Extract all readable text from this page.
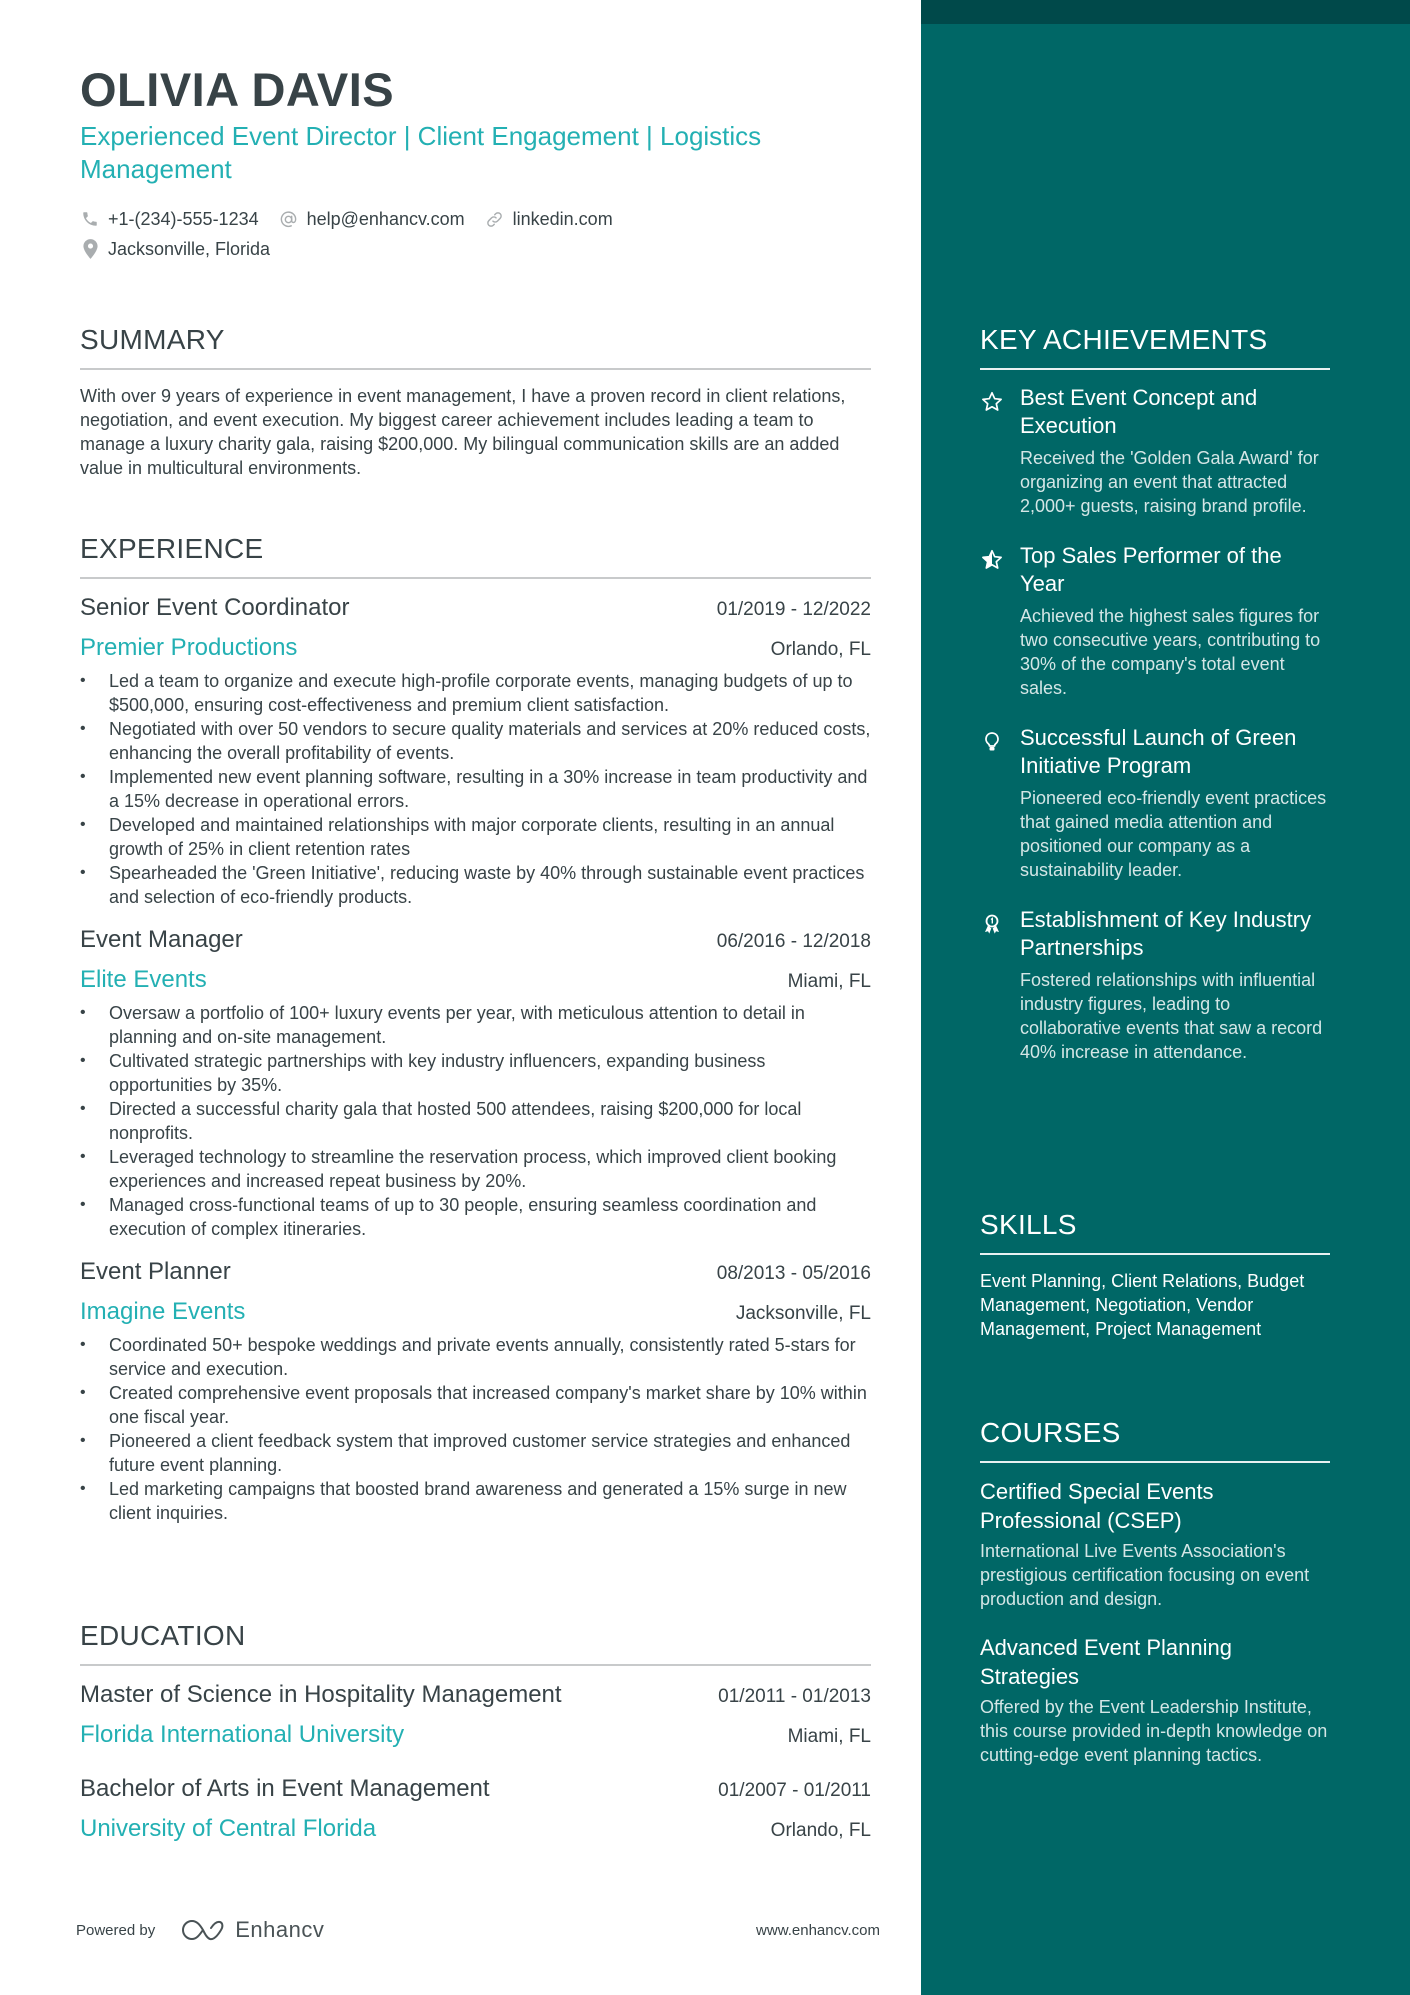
OLIVIA DAVIS
Experienced Event Director | Client Engagement | Logistics Management
+1-(234)-555-1234	help@enhancv.com	linkedin.com
Jacksonville, Florida
SUMMARY
With over 9 years of experience in event management, I have a proven record in client relations, negotiation, and event execution. My biggest career achievement includes leading a team to manage a luxury charity gala, raising $200,000. My bilingual communication skills are an added value in multicultural environments.
EXPERIENCE
Senior Event Coordinator	01/2019 - 12/2022
Premier Productions	Orlando, FL
• Led a team to organize and execute high-profile corporate events, managing budgets of up to $500,000, ensuring cost-effectiveness and premium client satisfaction.
• Negotiated with over 50 vendors to secure quality materials and services at 20% reduced costs, enhancing the overall profitability of events.
• Implemented new event planning software, resulting in a 30% increase in team productivity and a 15% decrease in operational errors.
• Developed and maintained relationships with major corporate clients, resulting in an annual growth of 25% in client retention rates
• Spearheaded the 'Green Initiative', reducing waste by 40% through sustainable event practices and selection of eco-friendly products.
Event Manager	06/2016 - 12/2018
Elite Events	Miami, FL
• Oversaw a portfolio of 100+ luxury events per year, with meticulous attention to detail in planning and on-site management.
• Cultivated strategic partnerships with key industry influencers, expanding business opportunities by 35%.
• Directed a successful charity gala that hosted 500 attendees, raising $200,000 for local nonprofits.
• Leveraged technology to streamline the reservation process, which improved client booking experiences and increased repeat business by 20%.
• Managed cross-functional teams of up to 30 people, ensuring seamless coordination and execution of complex itineraries.
Event Planner	08/2013 - 05/2016
Imagine Events	Jacksonville, FL
• Coordinated 50+ bespoke weddings and private events annually, consistently rated 5-stars for service and execution.
• Created comprehensive event proposals that increased company's market share by 10% within one fiscal year.
• Pioneered a client feedback system that improved customer service strategies and enhanced future event planning.
• Led marketing campaigns that boosted brand awareness and generated a 15% surge in new client inquiries.
EDUCATION
Master of Science in Hospitality Management	01/2011 - 01/2013
Florida International University	Miami, FL
Bachelor of Arts in Event Management	01/2007 - 01/2011
University of Central Florida	Orlando, FL
Powered by	Enhancv	www.enhancv.com
KEY ACHIEVEMENTS
Best Event Concept and Execution
Received the 'Golden Gala Award' for organizing an event that attracted 2,000+ guests, raising brand profile.
Top Sales Performer of the Year
Achieved the highest sales figures for two consecutive years, contributing to 30% of the company's total event sales.
Successful Launch of Green Initiative Program
Pioneered eco-friendly event practices that gained media attention and positioned our company as a sustainability leader.
Establishment of Key Industry Partnerships
Fostered relationships with influential industry figures, leading to collaborative events that saw a record 40% increase in attendance.
SKILLS
Event Planning, Client Relations, Budget Management, Negotiation, Vendor Management, Project Management
COURSES
Certified Special Events Professional (CSEP)
International Live Events Association's prestigious certification focusing on event production and design.
Advanced Event Planning Strategies
Offered by the Event Leadership Institute, this course provided in-depth knowledge on cutting-edge event planning tactics.
